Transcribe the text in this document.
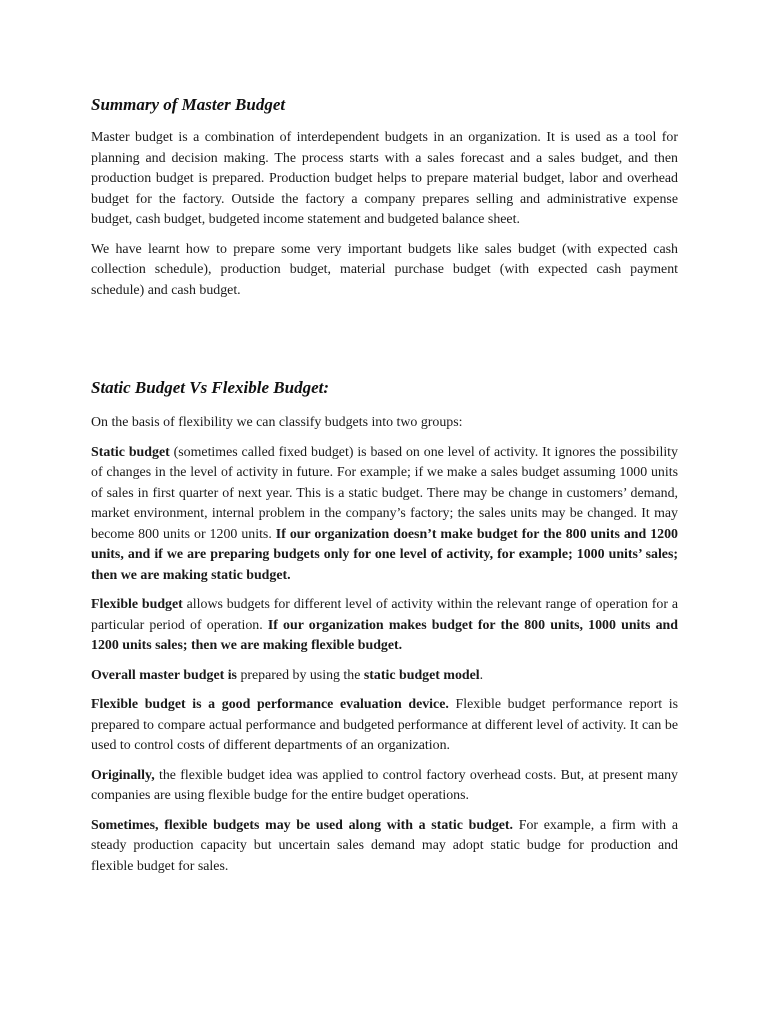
Summary of Master Budget

Master budget is a combination of interdependent budgets in an organization. It is used as a tool for planning and decision making. The process starts with a sales forecast and a sales budget, and then production budget is prepared. Production budget helps to prepare material budget, labor and overhead budget for the factory. Outside the factory a company prepares selling and administrative expense budget, cash budget, budgeted income statement and budgeted balance sheet.

We have learnt how to prepare some very important budgets like sales budget (with expected cash collection schedule), production budget, material purchase budget (with expected cash payment schedule) and cash budget.

Static Budget Vs Flexible Budget:

On the basis of flexibility we can classify budgets into two groups:

Static budget (sometimes called fixed budget) is based on one level of activity. It ignores the possibility of changes in the level of activity in future. For example; if we make a sales budget assuming 1000 units of sales in first quarter of next year. This is a static budget. There may be change in customers’ demand, market environment, internal problem in the company’s factory; the sales units may be changed. It may become 800 units or 1200 units. If our organization doesn’t make budget for the 800 units and 1200 units, and if we are preparing budgets only for one level of activity, for example; 1000 units’ sales; then we are making static budget.

Flexible budget allows budgets for different level of activity within the relevant range of operation for a particular period of operation. If our organization makes budget for the 800 units, 1000 units and 1200 units sales; then we are making flexible budget.

Overall master budget is prepared by using the static budget model.

Flexible budget is a good performance evaluation device. Flexible budget performance report is prepared to compare actual performance and budgeted performance at different level of activity. It can be used to control costs of different departments of an organization.

Originally, the flexible budget idea was applied to control factory overhead costs. But, at present many companies are using flexible budge for the entire budget operations.

Sometimes, flexible budgets may be used along with a static budget. For example, a firm with a steady production capacity but uncertain sales demand may adopt static budge for production and flexible budget for sales.
